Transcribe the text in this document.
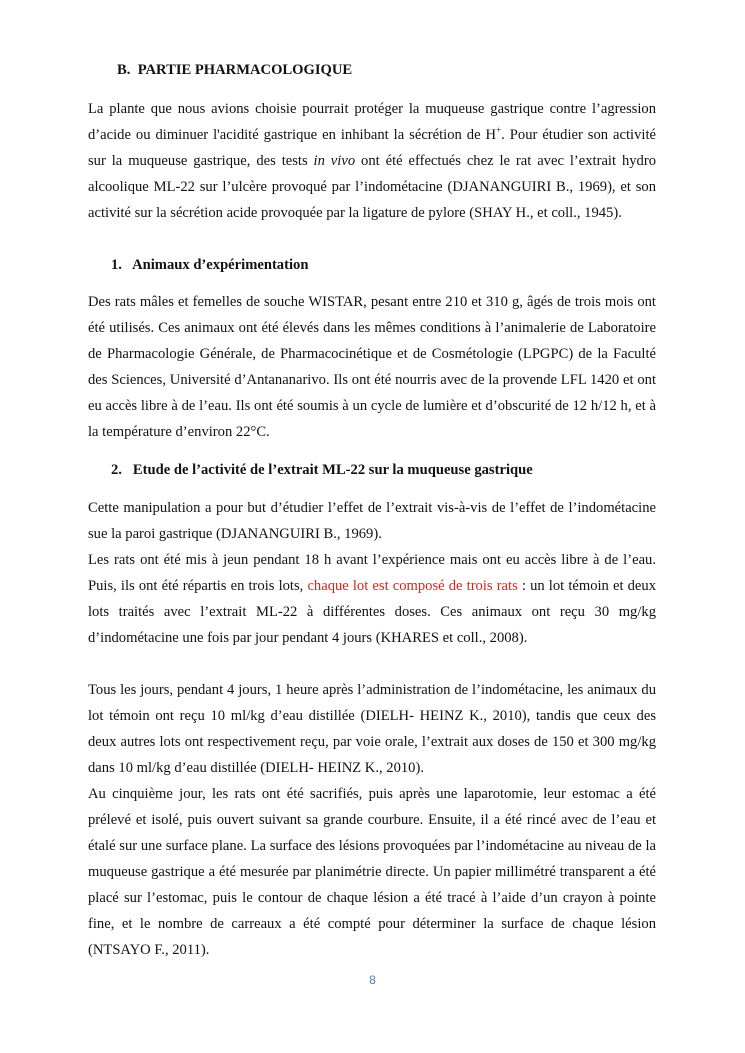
B. PARTIE PHARMACOLOGIQUE

La plante que nous avions choisie pourrait protéger la muqueuse gastrique contre l’agression d’acide ou diminuer l'acidité gastrique en inhibant la sécrétion de H+. Pour étudier son activité sur la muqueuse gastrique, des tests in vivo ont été effectués chez le rat avec l’extrait hydro alcoolique ML-22 sur l’ulcère provoqué par l’indométacine (DJANANGUIRI B., 1969), et son activité sur la sécrétion acide provoquée par la ligature de pylore (SHAY H., et coll., 1945).

1. Animaux d’expérimentation

Des rats mâles et femelles de souche WISTAR, pesant entre 210 et 310 g, âgés de trois mois ont été utilisés. Ces animaux ont été élevés dans les mêmes conditions à l’animalerie de Laboratoire de Pharmacologie Générale, de Pharmacocinétique et de Cosmétologie (LPGPC) de la Faculté des Sciences, Université d’Antananarivo. Ils ont été nourris avec de la provende LFL 1420 et ont eu accès libre à de l’eau. Ils ont été soumis à un cycle de lumière et d’obscurité de 12 h/12 h, et à la température d’environ 22°C.

2. Etude de l’activité de l’extrait ML-22 sur la muqueuse gastrique

Cette manipulation a pour but d’étudier l’effet de l’extrait vis-à-vis de l’effet de l’indométacine sue la paroi gastrique (DJANANGUIRI B., 1969).

Les rats ont été mis à jeun pendant 18 h avant l’expérience mais ont eu accès libre à de l’eau. Puis, ils ont été répartis en trois lots, chaque lot est composé de trois rats : un lot témoin et deux lots traités avec l’extrait ML-22 à différentes doses. Ces animaux ont reçu 30 mg/kg d’indométacine une fois par jour pendant 4 jours (KHARES et coll., 2008).

Tous les jours, pendant 4 jours, 1 heure après l’administration de l’indométacine, les animaux du lot témoin ont reçu 10 ml/kg d’eau distillée (DIELH- HEINZ K., 2010), tandis que ceux des deux autres lots ont respectivement reçu, par voie orale, l’extrait aux doses de 150 et 300 mg/kg dans 10 ml/kg d’eau distillée (DIELH- HEINZ K., 2010).

Au cinquième jour, les rats ont été sacrifiés, puis après une laparotomie, leur estomac a été prélevé et isolé, puis ouvert suivant sa grande courbure. Ensuite, il a été rincé avec de l’eau et étalé sur une surface plane. La surface des lésions provoquées par l’indométacine au niveau de la muqueuse gastrique a été mesurée par planimétrie directe. Un papier millimétré transparent a été placé sur l’estomac, puis le contour de chaque lésion a été tracé à l’aide d’un crayon à pointe fine, et le nombre de carreaux a été compté pour déterminer la surface de chaque lésion (NTSAYO F., 2011).

8
